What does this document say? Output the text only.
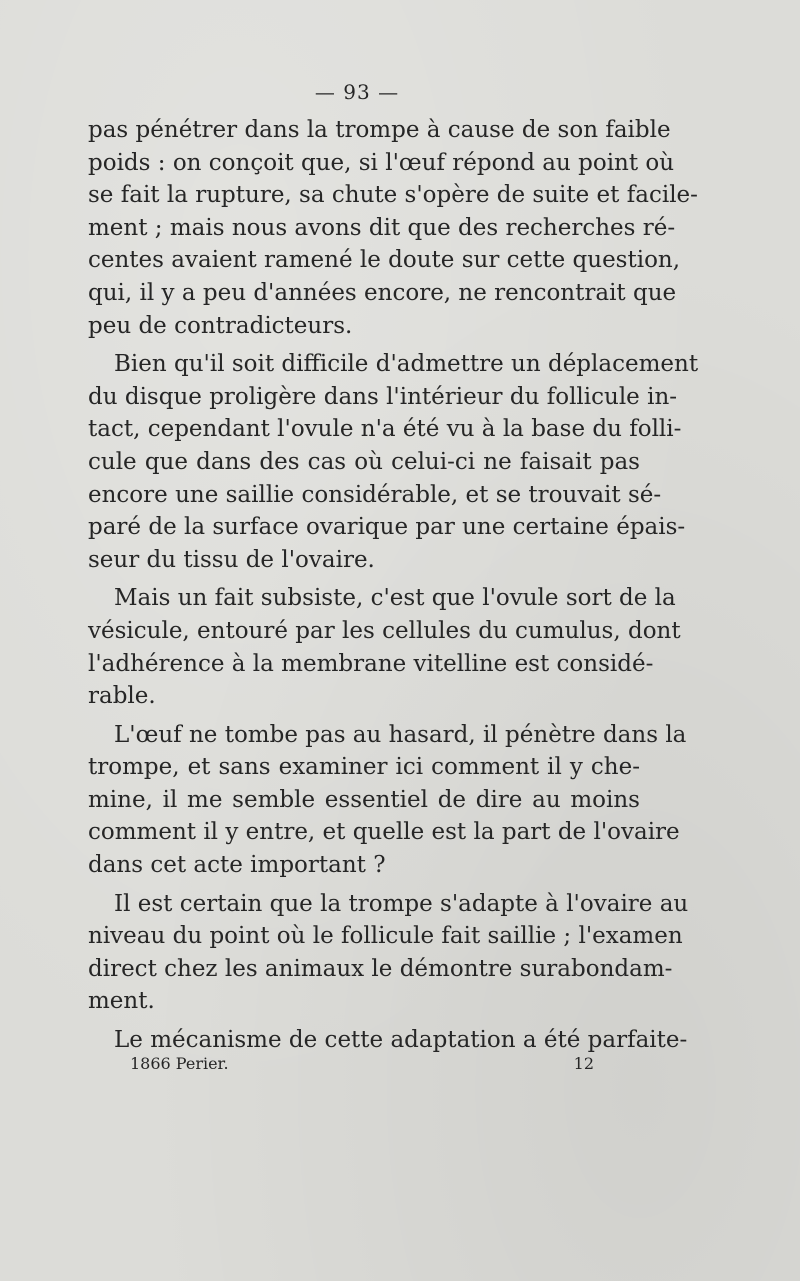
— 93 —
pas pénétrer dans la trompe à cause de son faible
poids : on conçoit que, si l'œuf répond au point où
se fait la rupture, sa chute s'opère de suite et facile-
ment ; mais nous avons dit que des recherches ré-
centes avaient ramené le doute sur cette question,
qui, il y a peu d'années encore, ne rencontrait que
peu de contradicteurs.
Bien qu'il soit difficile d'admettre un déplacement
du disque proligère dans l'intérieur du follicule in-
tact, cependant l'ovule n'a été vu à la base du folli-
cule que dans des cas où celui-ci ne faisait pas
encore une saillie considérable, et se trouvait sé-
paré de la surface ovarique par une certaine épais-
seur du tissu de l'ovaire.
Mais un fait subsiste, c'est que l'ovule sort de la
vésicule, entouré par les cellules du cumulus, dont
l'adhérence à la membrane vitelline est considé-
rable.
L'œuf ne tombe pas au hasard, il pénètre dans la
trompe, et sans examiner ici comment il y che-
mine, il me semble essentiel de dire au moins
comment il y entre, et quelle est la part de l'ovaire
dans cet acte important ?
Il est certain que la trompe s'adapte à l'ovaire au
niveau du point où le follicule fait saillie ; l'examen
direct chez les animaux le démontre surabondam-
ment.
Le mécanisme de cette adaptation a été parfaite-
1866 Perier.	12
